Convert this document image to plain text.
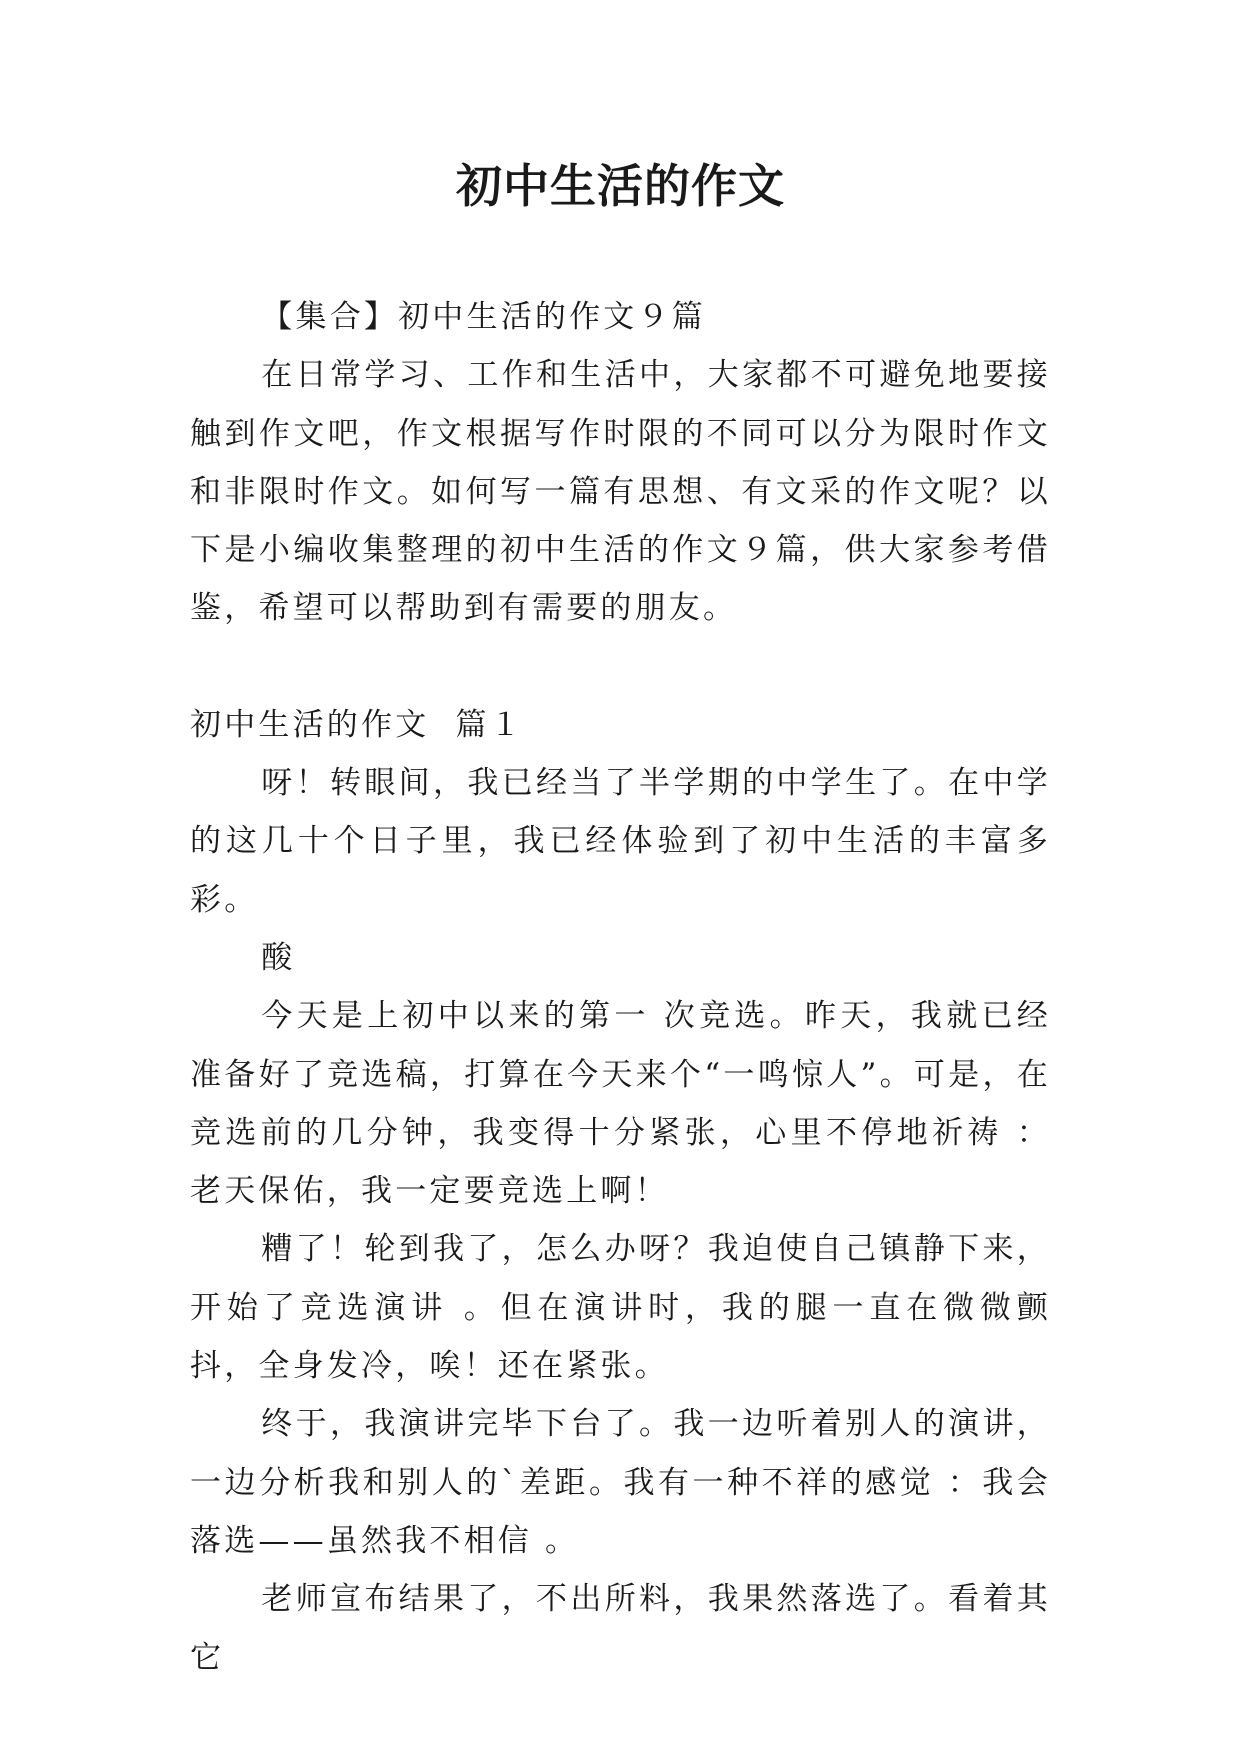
初中生活的作文

【集合】初中生活的作文９篇

在日常学习、工作和生活中，大家都不可避免地要接触到作文吧，作文根据写作时限的不同可以分为限时作文和非限时作文。如何写一篇有思想、有文采的作文呢？以下是小编收集整理的初中生活的作文９篇，供大家参考借鉴，希望可以帮助到有需要的朋友。

初中生活的作文  篇１

呀！转眼间，我已经当了半学期的中学生了。在中学的这几十个日子里，我已经体验到了初中生活的丰富多彩。

酸

今天是上初中以来的第一 次竞选。昨天，我就已经准备好了竞选稿，打算在今天来个“一鸣惊人”。可是，在竞选前的几分钟，我变得十分紧张，心里不停地祈祷 ：老天保佑，我一定要竞选上啊！

糟了！轮到我了，怎么办呀？我迫使自己镇静下来，开始了竞选演讲 。但在演讲时，我的腿一直在微微颤抖，全身发冷，唉！还在紧张。

终于，我演讲完毕下台了。我一边听着别人的演讲，一边分析我和别人的`差距。我有一种不祥的感觉 ：我会落选——虽然我不相信 。

老师宣布结果了，不出所料，我果然落选了。看着其它
